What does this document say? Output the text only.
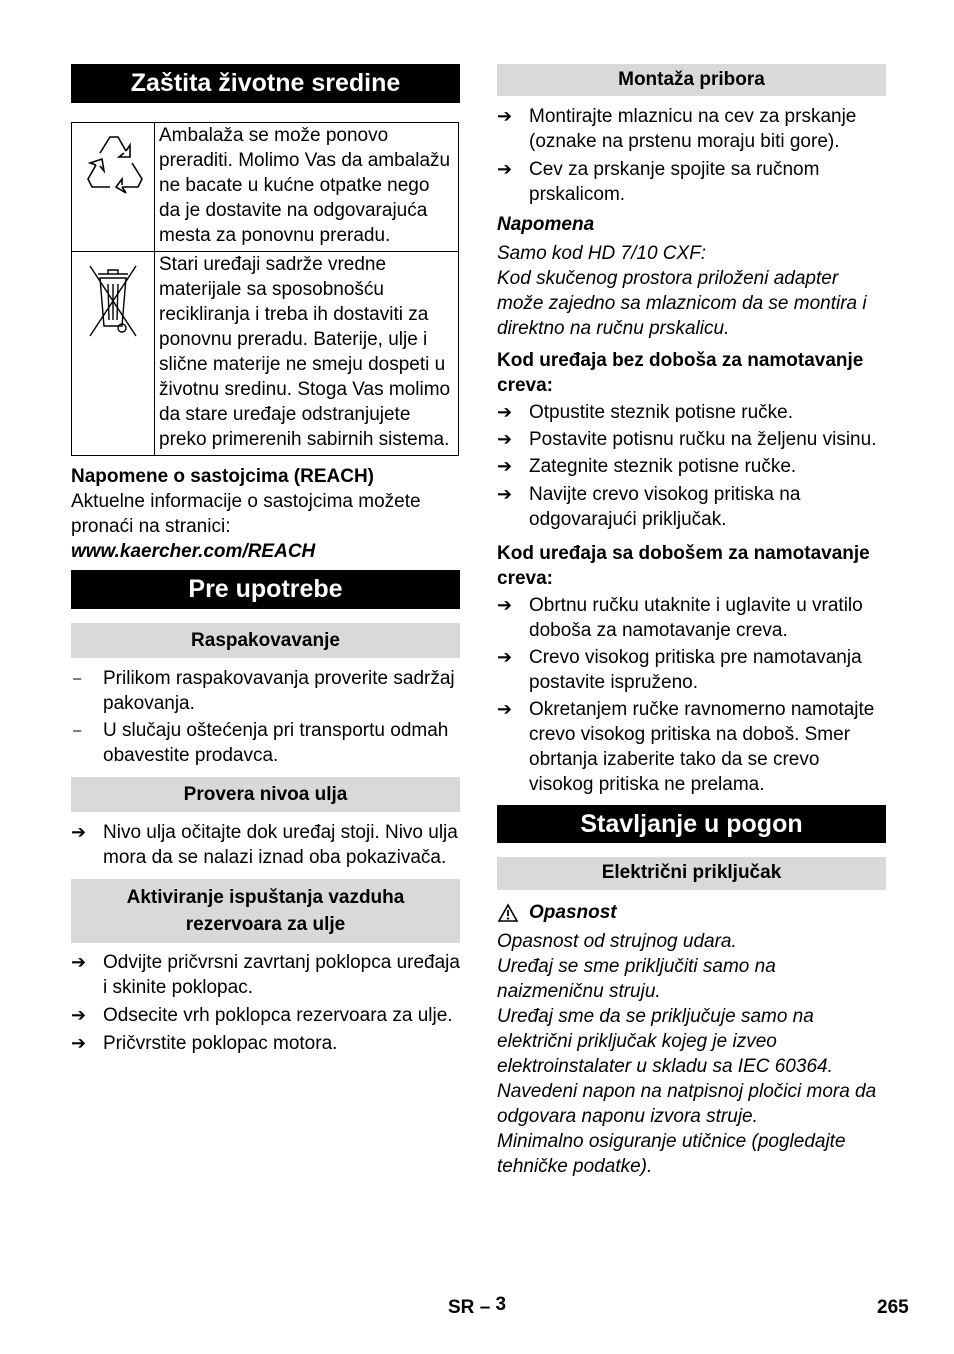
Zaštita životne sredine
	Ambalaža se može ponovo preraditi. Molimo Vas da ambalažu ne bacate u kućne otpatke nego da je dostavite na odgovarajuća mesta za ponovnu preradu.
	Stari uređaji sadrže vredne materijale sa sposobnošću recikliranja i treba ih dostaviti za ponovnu preradu. Baterije, ulje i slične materije ne smeju dospeti u životnu sredinu. Stoga Vas molimo da stare uređaje odstranjujete preko primerenih sabirnih sistema.
Napomene o sastojcima (REACH)
Aktuelne informacije o sastojcima možete pronaći na stranici:
www.kaercher.com/REACH
Pre upotrebe
Raspakovavanje
–	Prilikom raspakovavanja proverite sadržaj pakovanja.
–	U slučaju oštećenja pri transportu odmah obavestite prodavca.
Provera nivoa ulja
➔ Nivo ulja očitajte dok uređaj stoji. Nivo ulja mora da se nalazi iznad oba pokazivača.
Aktiviranje ispuštanja vazduha rezervoara za ulje
➔ Odvijte pričvrsni zavrtanj poklopca uređaja i skinite poklopac.
➔ Odsecite vrh poklopca rezervoara za ulje.
➔ Pričvrstite poklopac motora.
Montaža pribora
➔ Montirajte mlaznicu na cev za prskanje (oznake na prstenu moraju biti gore).
➔ Cev za prskanje spojite sa ručnom prskalicom.
Napomena
Samo kod HD 7/10 CXF:
Kod skučenog prostora priloženi adapter može zajedno sa mlaznicom da se montira i direktno na ručnu prskalicu.
Kod uređaja bez doboša za namotavanje creva:
➔ Otpustite steznik potisne ručke.
➔ Postavite potisnu ručku na željenu visinu.
➔ Zategnite steznik potisne ručke.
➔ Navijte crevo visokog pritiska na odgovarajući priključak.
Kod uređaja sa dobošem za namotavanje creva:
➔ Obrtnu ručku utaknite i uglavite u vratilo doboša za namotavanje creva.
➔ Crevo visokog pritiska pre namotavanja postavite ispruženo.
➔ Okretanjem ručke ravnomerno namotajte crevo visokog pritiska na doboš. Smer obrtanja izaberite tako da se crevo visokog pritiska ne prelama.
Stavljanje u pogon
Električni priključak
Opasnost
Opasnost od strujnog udara.
Uređaj se sme priključiti samo na naizmeničnu struju.
Uređaj sme da se priključuje samo na električni priključak kojeg je izveo elektroinstalater u skladu sa IEC 60364.
Navedeni napon na natpisnoj pločici mora da odgovara naponu izvora struje.
Minimalno osiguranje utičnice (pogledajte tehničke podatke).
SR – 3	265
